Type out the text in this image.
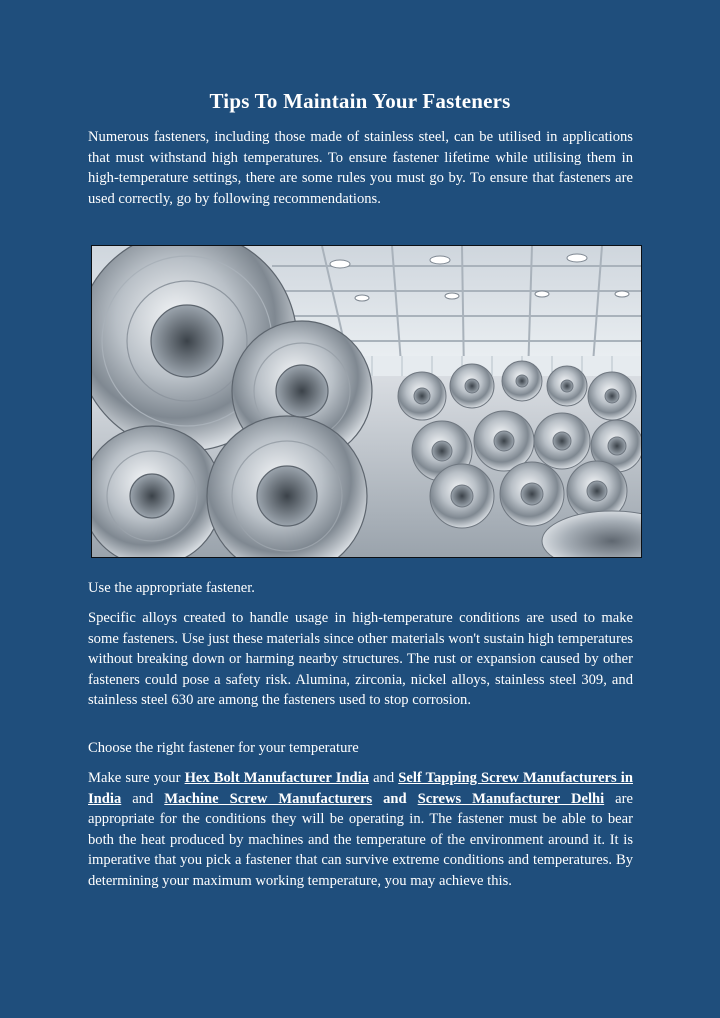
Tips To Maintain Your Fasteners

Numerous fasteners, including those made of stainless steel, can be utilised in applications that must withstand high temperatures. To ensure fastener lifetime while utilising them in high-temperature settings, there are some rules you must go by. To ensure that fasteners are used correctly, go by following recommendations.

Use the appropriate fastener.

Specific alloys created to handle usage in high-temperature conditions are used to make some fasteners. Use just these materials since other materials won't sustain high temperatures without breaking down or harming nearby structures. The rust or expansion caused by other fasteners could pose a safety risk. Alumina, zirconia, nickel alloys, stainless steel 309, and stainless steel 630 are among the fasteners used to stop corrosion.

Choose the right fastener for your temperature

Make sure your Hex Bolt Manufacturer India and Self Tapping Screw Manufacturers in India and Machine Screw Manufacturers and Screws Manufacturer Delhi are appropriate for the conditions they will be operating in. The fastener must be able to bear both the heat produced by machines and the temperature of the environment around it. It is imperative that you pick a fastener that can survive extreme conditions and temperatures. By determining your maximum working temperature, you may achieve this.
